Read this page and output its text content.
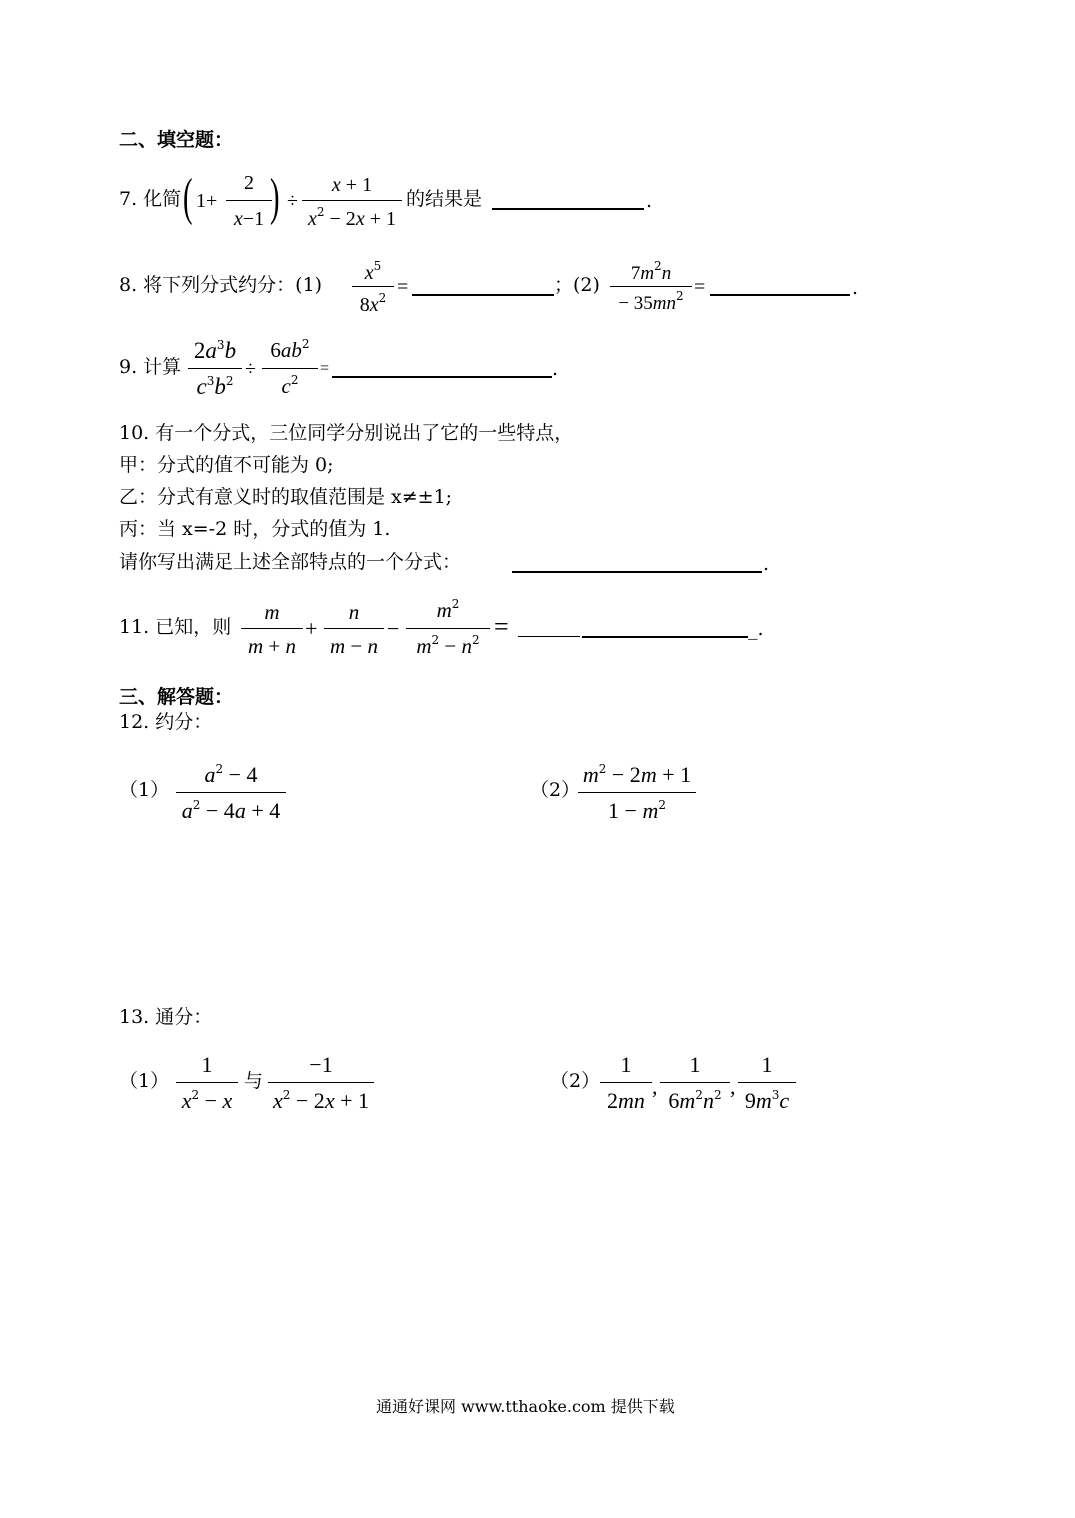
二、填空题：
7. 化简 ( 1+
2
x−1 ) ÷
x + 1
$x^2 - 2x + 1$
的结果是	.
8. 将下列分式约分：(1)
$x^5$
$8x^2$ =	；(2)
$7m^2n$
− $35mn^2$ =	.
9. 计算
$2a^3b$
$c^3b^2$
÷
$6ab^2$
$c^2$
=	.
10. 有一个分式，三位同学分别说出了它的一些特点，
甲：分式的值不可能为 0;
乙：分式有意义时的取值范围是 x≠±1;
丙：当 x=-2 时，分式的值为 1.
请你写出满足上述全部特点的一个分式：	.
11. 已知，则
m
m + n
+
n
m − n
−
$m^2$
$m^2 - n^2$ =	_.
三、解答题：
12. 约分：
（1）
$a^2 - 4$
$a^2 - 4a + 4$
（2）
$m^2 - 2m + 1$
$1 - m^2$
13. 通分：
（1）
1
$x^2 - x$
与
−1
$x^2 - 2x + 1$
（2）
1
2mn
,
1
$6m^2n^2$ ,
1
$9m^3c$
通通好课网 www.tthaoke.com 提供下载
